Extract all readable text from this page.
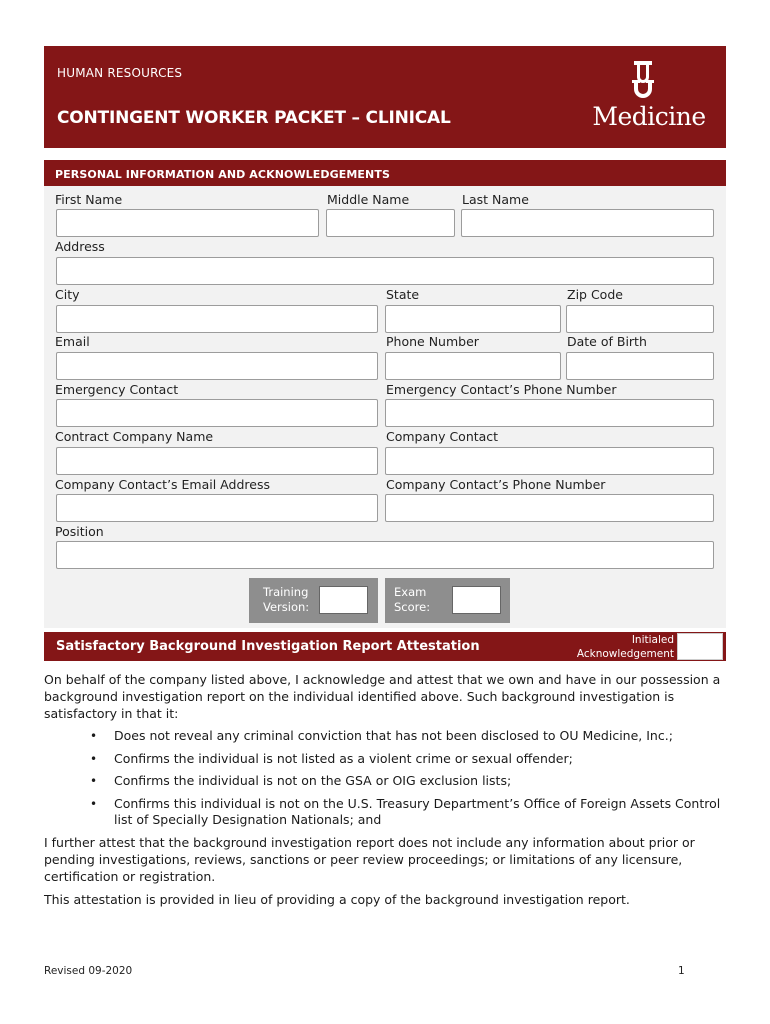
HUMAN RESOURCES
CONTINGENT WORKER PACKET – CLINICAL	Medicine
PERSONAL INFORMATION AND ACKNOWLEDGEMENTS
First Name	Middle Name	Last Name
Address
City	State	Zip Code
Email	Phone Number	Date of Birth
Emergency Contact	Emergency Contact’s Phone Number
Contract Company Name	Company Contact
Company Contact’s Email Address	Company Contact’s Phone Number
Position
Training
Version:
Exam
Score:
Satisfactory Background Investigation Report Attestation	Initialed
Acknowledgement
On behalf of the company listed above, I acknowledge and attest that we own and have in our possession a background investigation report on the individual identified above. Such background investigation is satisfactory in that it:
• Does not reveal any criminal conviction that has not been disclosed to OU Medicine, Inc.;
• Confirms the individual is not listed as a violent crime or sexual offender;
• Confirms the individual is not on the GSA or OIG exclusion lists;
• Confirms this individual is not on the U.S. Treasury Department’s Office of Foreign Assets Control list of Specially Designation Nationals; and
I further attest that the background investigation report does not include any information about prior or pending investigations, reviews, sanctions or peer review proceedings; or limitations of any licensure, certification or registration.
This attestation is provided in lieu of providing a copy of the background investigation report.
Revised 09-2020	1
